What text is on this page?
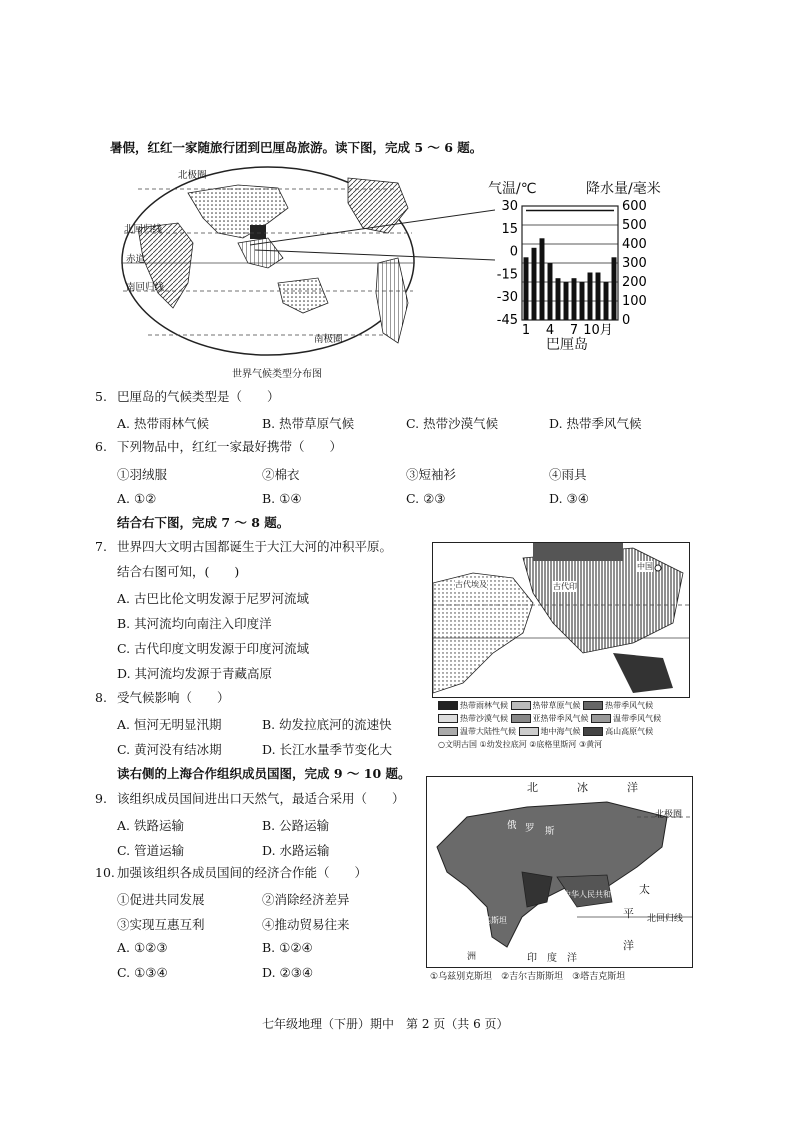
暑假，红红一家随旅行团到巴厘岛旅游。读下图，完成 5 ～ 6 题。
北极圈
北回归线
赤道
南回归线
南极圈
世界气候类型分布图
气温/℃	降水量/毫米
30
15
0
-15
-30
-45
600
500
400
300
200
100
0
1 4 7 10月
巴厘岛
5. 巴厘岛的气候类型是（　　）
A. 热带雨林气候	B. 热带草原气候	C. 热带沙漠气候	D. 热带季风气候
6. 下列物品中，红红一家最好携带（　　）
①羽绒服	②棉衣	③短袖衫	④雨具
A. ①②	B. ①④	C. ②③	D. ③④
结合右下图，完成 7 ～ 8 题。
7. 世界四大文明古国都诞生于大江大河的冲积平原。
结合右图可知，(　　)
A. 古巴比伦文明发源于尼罗河流域
B. 其河流均向南注入印度洋
C. 古代印度文明发源于印度河流域
D. 其河流均发源于青藏高原
古代埃及
中国
古代印
热带雨林气候	热带草原气候	热带季风气候
热带沙漠气候	亚热带季风气候	温带季风气候
温带大陆性气候	地中海气候	高山高原气候
○文明古国 ①幼发拉底河 ②底格里斯河 ③黄河
8. 受气候影响（　　）
A. 恒河无明显汛期	B. 幼发拉底河的流速快
C. 黄河没有结冰期	D. 长江水量季节变化大
读右侧的上海合作组织成员国图，完成 9 ～ 10 题。
9. 该组织成员国间进出口天然气，最适合采用（　　）
A. 铁路运输	B. 公路运输
C. 管道运输	D. 水路运输
10. 加强该组织各成员国间的经济合作能（　　）
①促进共同发展	②消除经济差异
③实现互惠互利	④推动贸易往来
A. ①②③	B. ①②④
C. ①③④	D. ②③④
北	冰	洋
北极圈
俄 罗 斯
太
平 北回归线
洋
中华人民共和国
巴基斯坦
洲	印　度　洋
①乌兹别克斯坦　②吉尔吉斯斯坦　③塔吉克斯坦
七年级地理（下册）期中　第 2 页（共 6 页）
